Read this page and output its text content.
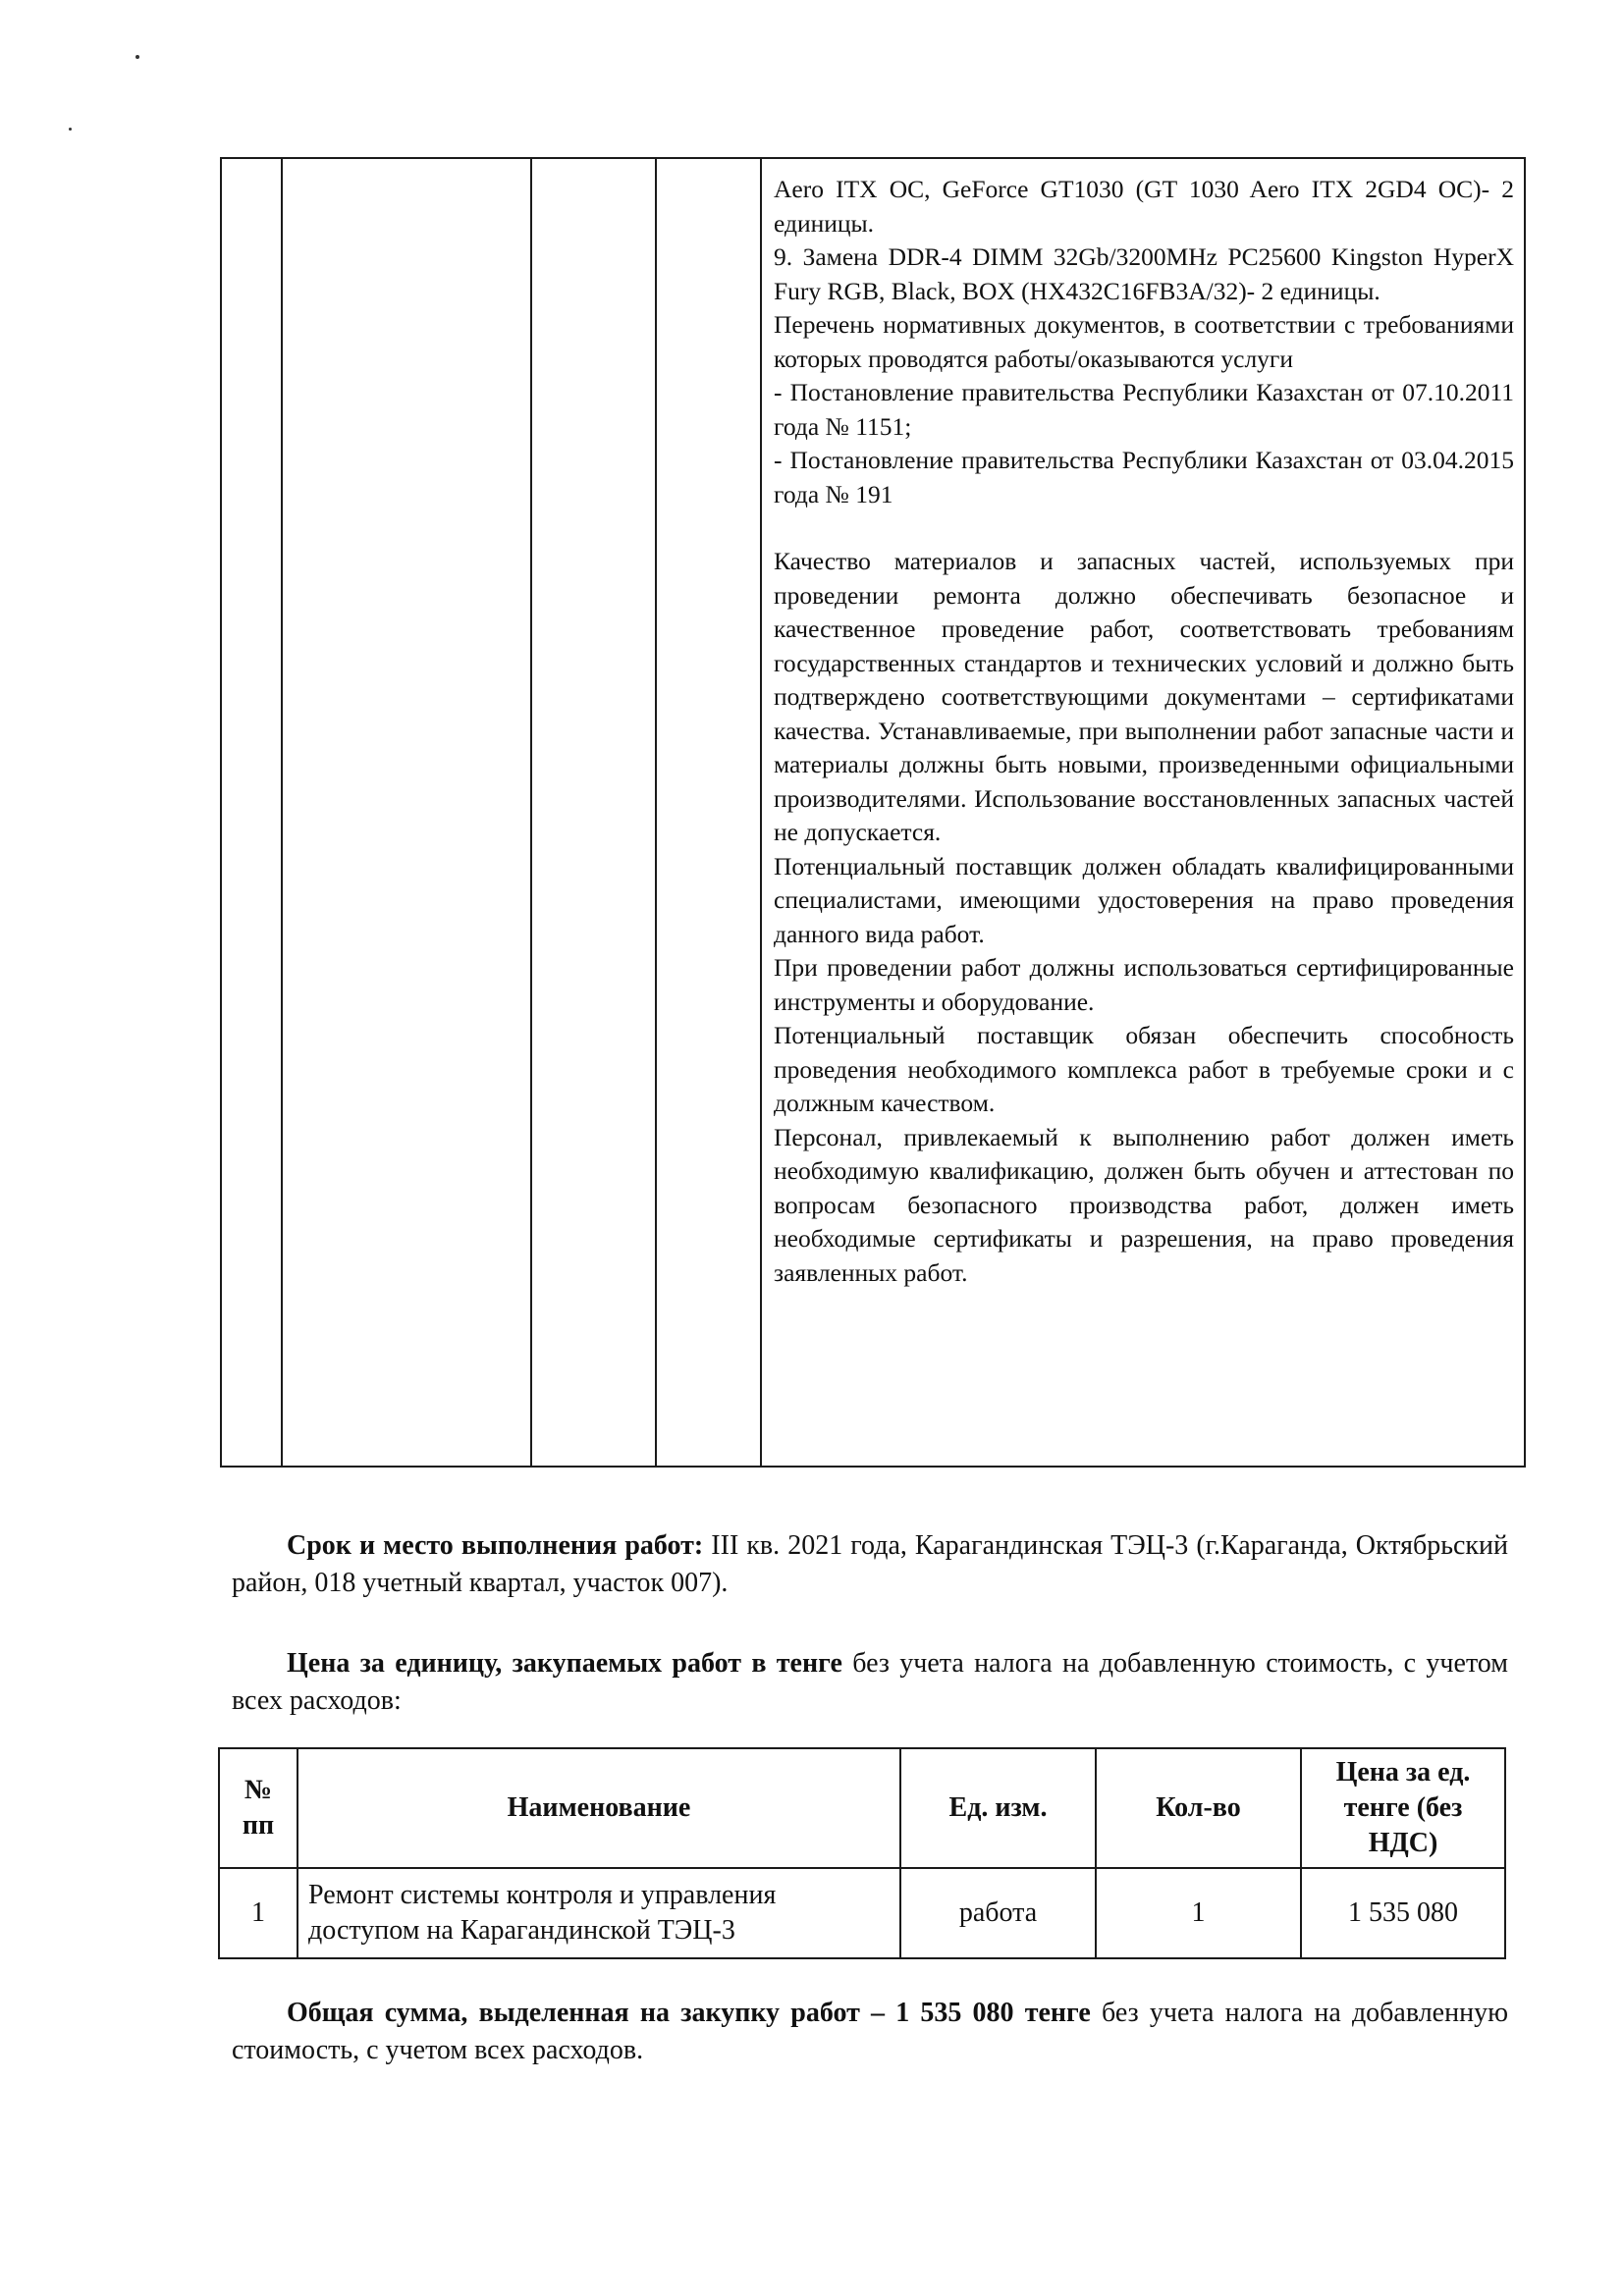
Aero ITX OC, GeForce GT1030 (GT 1030 Aero ITX 2GD4 OC)- 2 единицы.

9. Замена DDR-4 DIMM 32Gb/3200MHz PC25600 Kingston HyperX Fury RGB, Black, BOX (HX432C16FB3A/32)- 2 единицы.

Перечень нормативных документов, в соответствии с требованиями которых проводятся работы/оказываются услуги

- Постановление правительства Республики Казахстан от 07.10.2011 года № 1151;

- Постановление правительства Республики Казахстан от 03.04.2015 года № 191

Качество материалов и запасных частей, используемых при проведении ремонта должно обеспечивать безопасное и качественное проведение работ, соответствовать требованиям государственных стандартов и технических условий и должно быть подтверждено соответствующими документами – сертификатами качества. Устанавливаемые, при выполнении работ запасные части и материалы должны быть новыми, произведенными официальными производителями. Использование восстановленных запасных частей не допускается.

Потенциальный поставщик должен обладать квалифицированными специалистами, имеющими удостоверения на право проведения данного вида работ.

При проведении работ должны использоваться сертифицированные инструменты и оборудование.

Потенциальный поставщик обязан обеспечить способность проведения необходимого комплекса работ в требуемые сроки и с должным качеством.

Персонал, привлекаемый к выполнению работ должен иметь необходимую квалификацию, должен быть обучен и аттестован по вопросам безопасного производства работ, должен иметь необходимые сертификаты и разрешения, на право проведения заявленных работ.

Срок и место выполнения работ: III кв. 2021 года, Карагандинская ТЭЦ-3 (г.Караганда, Октябрьский район, 018 учетный квартал, участок 007).

Цена за единицу, закупаемых работ в тенге без учета налога на добавленную стоимость, с учетом всех расходов:

№ пп	Наименование	Ед. изм.	Кол-во	Цена за ед. тенге (без НДС)
1	Ремонт системы контроля и управления доступом на Карагандинской ТЭЦ-3	работа	1	1 535 080

Общая сумма, выделенная на закупку работ – 1 535 080 тенге без учета налога на добавленную стоимость, с учетом всех расходов.
